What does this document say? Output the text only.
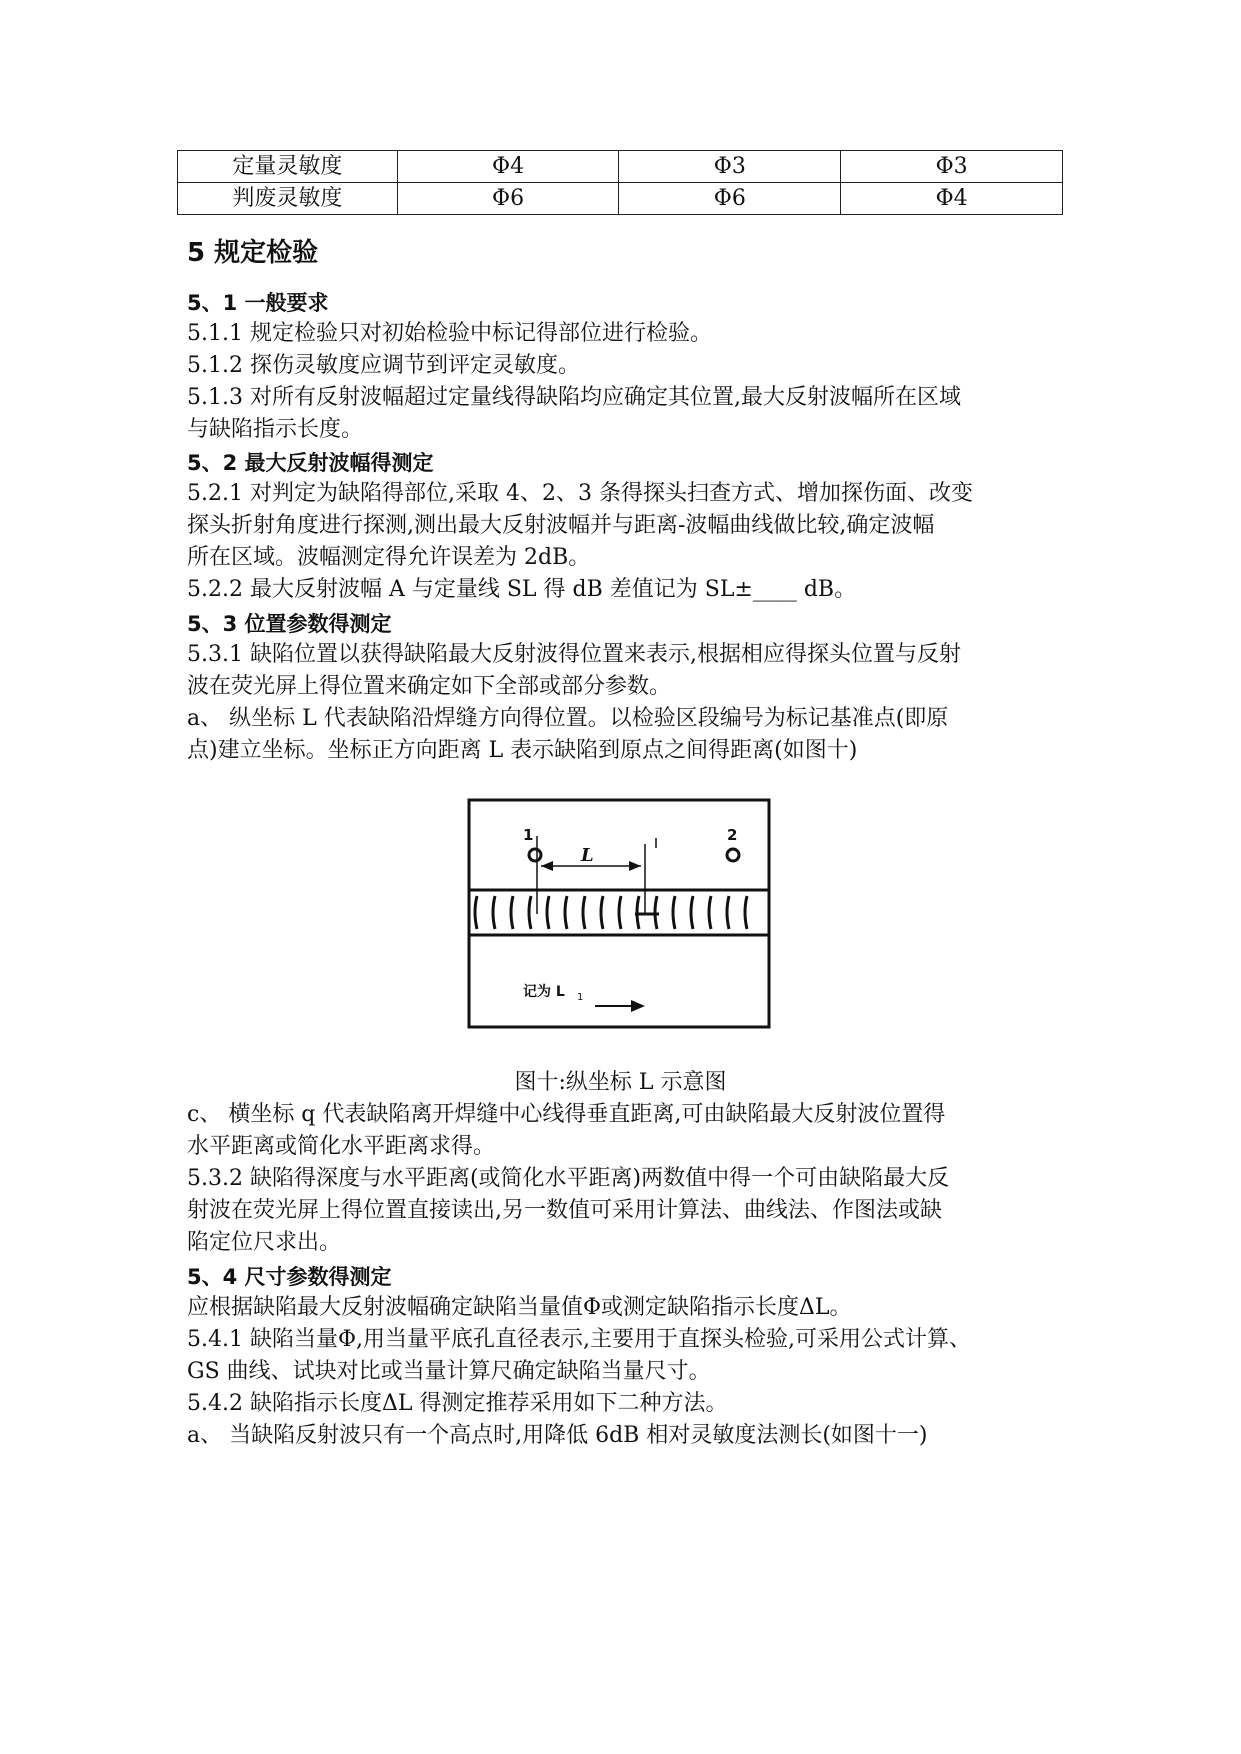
定量灵敏度	Φ4	Φ3	Φ3
判废灵敏度	Φ6	Φ6	Φ4
5 规定检验
5、1 一般要求
5.1.1 规定检验只对初始检验中标记得部位进行检验。
5.1.2 探伤灵敏度应调节到评定灵敏度。
5.1.3 对所有反射波幅超过定量线得缺陷均应确定其位置,最大反射波幅所在区域
与缺陷指示长度。
5、2 最大反射波幅得测定
5.2.1 对判定为缺陷得部位,采取 4、2、3 条得探头扫查方式、增加探伤面、改变
探头折射角度进行探测,测出最大反射波幅并与距离-波幅曲线做比较,确定波幅
所在区域。波幅测定得允许误差为 2dB。
5.2.2 最大反射波幅 A 与定量线 SL 得 dB 差值记为 SL±____ dB。
5、3 位置参数得测定
5.3.1 缺陷位置以获得缺陷最大反射波得位置来表示,根据相应得探头位置与反射
波在荧光屏上得位置来确定如下全部或部分参数。
a、 纵坐标 L 代表缺陷沿焊缝方向得位置。以检验区段编号为标记基准点(即原
点)建立坐标。坐标正方向距离 L 表示缺陷到原点之间得距离(如图十)
1	2
L
记为 L 1
图十:纵坐标 L 示意图
c、 横坐标 q 代表缺陷离开焊缝中心线得垂直距离,可由缺陷最大反射波位置得
水平距离或简化水平距离求得。
5.3.2 缺陷得深度与水平距离(或简化水平距离)两数值中得一个可由缺陷最大反
射波在荧光屏上得位置直接读出,另一数值可采用计算法、曲线法、作图法或缺
陷定位尺求出。
5、4 尺寸参数得测定
应根据缺陷最大反射波幅确定缺陷当量值Φ或测定缺陷指示长度ΔL。
5.4.1 缺陷当量Φ,用当量平底孔直径表示,主要用于直探头检验,可采用公式计算、
GS 曲线、试块对比或当量计算尺确定缺陷当量尺寸。
5.4.2 缺陷指示长度ΔL 得测定推荐采用如下二种方法。
a、 当缺陷反射波只有一个高点时,用降低 6dB 相对灵敏度法测长(如图十一)
